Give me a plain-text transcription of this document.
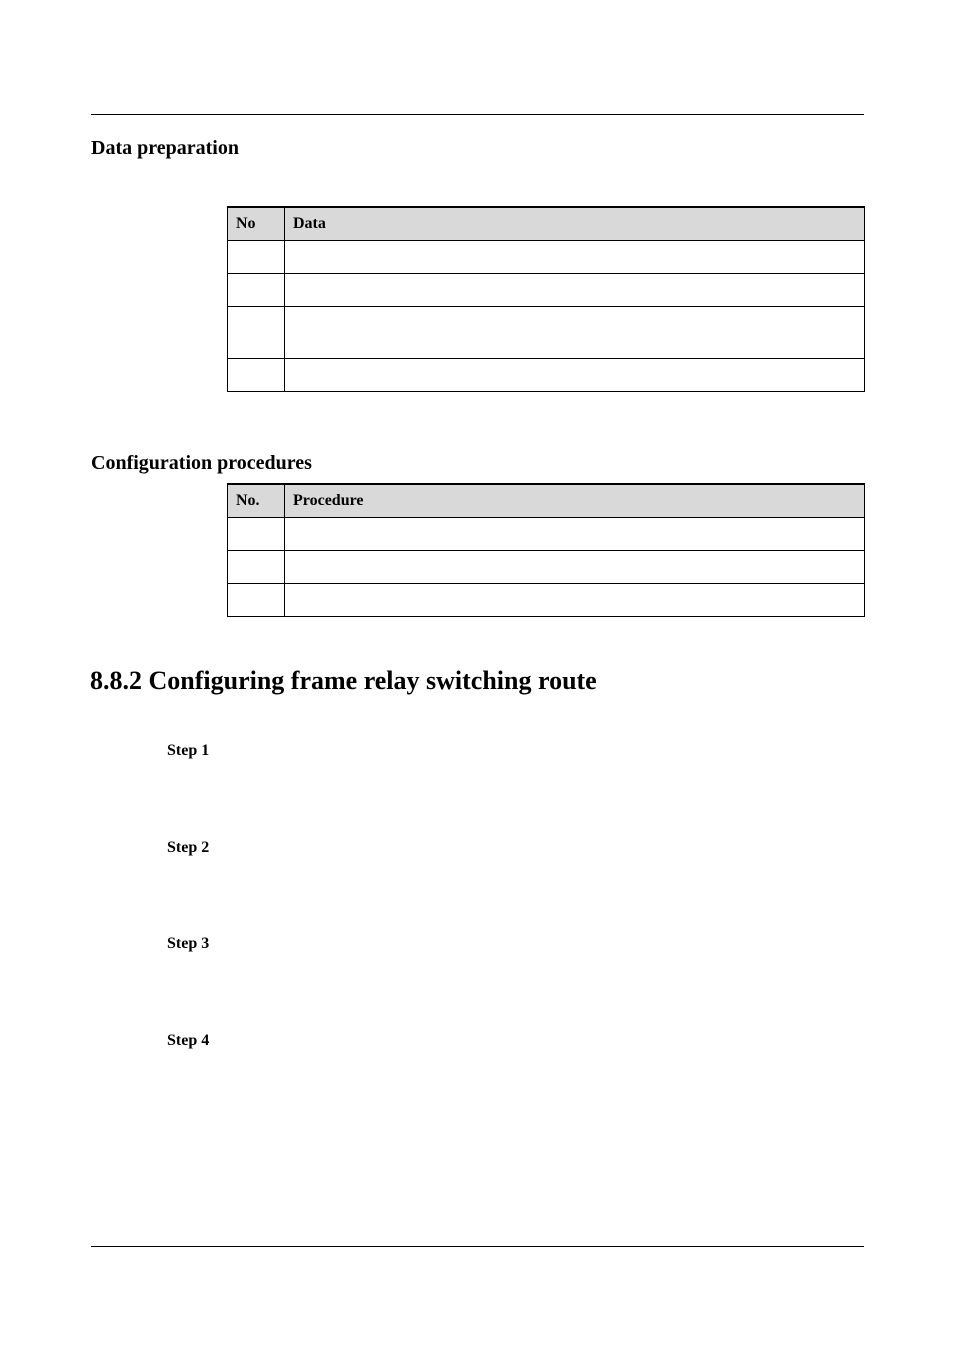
Data preparation
No	Data

Configuration procedures
No.	Procedure

8.8.2 Configuring frame relay switching route
Step 1
Step 2
Step 3
Step 4
